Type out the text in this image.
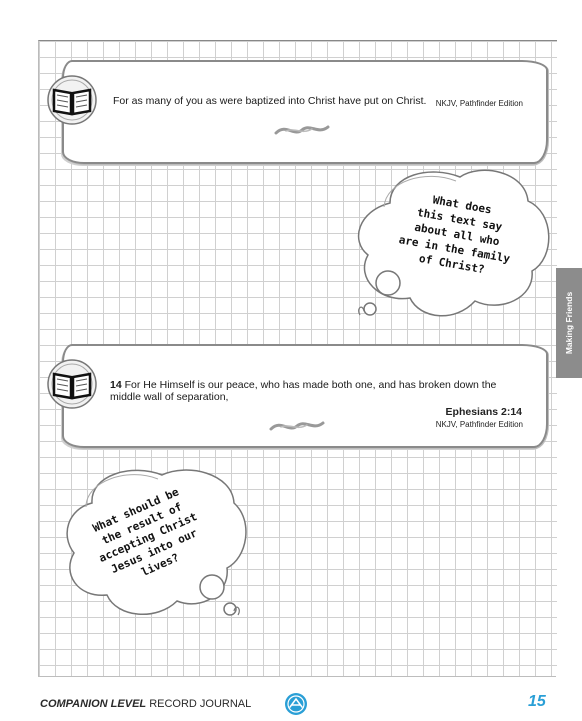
For as many of you as were baptized into Christ have put on Christ.	NKJV, Pathfinder Edition
What does
this text say
about all who
are in the family
of Christ?
Making Friends
14 For He Himself is our peace, who has made both one, and has broken down the middle wall of separation,
Ephesians 2:14
NKJV, Pathfinder Edition
What should be
the result of
accepting Christ
Jesus into our
lives?
COMPANION LEVEL RECORD JOURNAL	15
